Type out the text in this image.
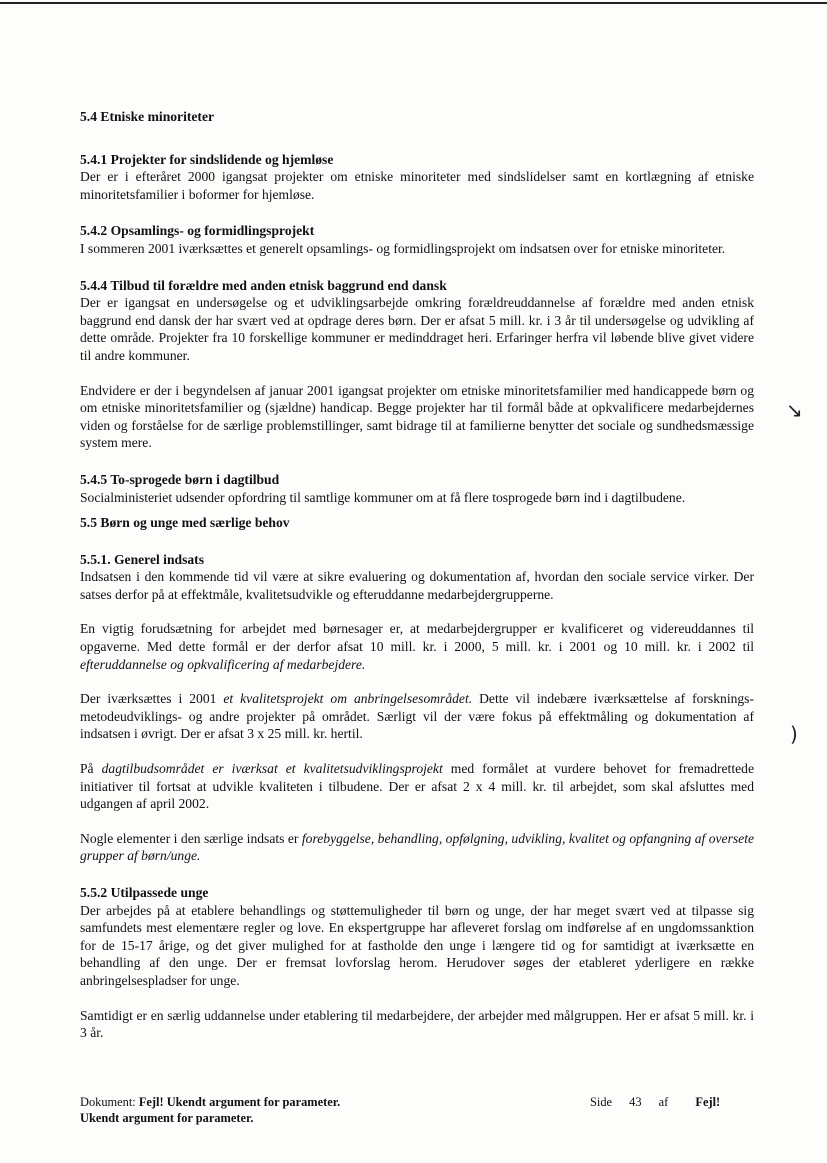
5.4 Etniske minoriteter
5.4.1 Projekter for sindslidende og hjemløse

Der er i efteråret 2000 igangsat projekter om etniske minoriteter med sindslidelser samt en kortlægning af etniske minoritetsfamilier i boformer for hjemløse.

5.4.2 Opsamlings- og formidlingsprojekt

I sommeren 2001 iværksættes et generelt opsamlings- og formidlingsprojekt om indsatsen over for etniske minoriteter.

5.4.4 Tilbud til forældre med anden etnisk baggrund end dansk

Der er igangsat en undersøgelse og et udviklingsarbejde omkring forældreuddannelse af forældre med anden etnisk baggrund end dansk der har svært ved at opdrage deres børn. Der er afsat 5 mill. kr. i 3 år til undersøgelse og udvikling af dette område. Projekter fra 10 forskellige kommuner er medinddraget heri. Erfaringer herfra vil løbende blive givet videre til andre kommuner.

Endvidere er der i begyndelsen af januar 2001 igangsat projekter om etniske minoritetsfamilier med handicappede børn og om etniske minoritetsfamilier og (sjældne) handicap. Begge projekter har til formål både at opkvalificere medarbejdernes viden og forståelse for de særlige problemstillinger, samt bidrage til at familierne benytter det sociale og sundhedsmæssige system mere.

5.4.5 To-sprogede børn i dagtilbud

Socialministeriet udsender opfordring til samtlige kommuner om at få flere tosprogede børn ind i dagtilbudene.

5.5 Børn og unge med særlige behov
5.5.1. Generel indsats

Indsatsen i den kommende tid vil være at sikre evaluering og dokumentation af, hvordan den sociale service virker. Der satses derfor på at effektmåle, kvalitetsudvikle og efteruddanne medarbejdergrupperne.

En vigtig forudsætning for arbejdet med børnesager er, at medarbejdergrupper er kvalificeret og videreuddannes til opgaverne. Med dette formål er der derfor afsat 10 mill. kr. i 2000, 5 mill. kr. i 2001 og 10 mill. kr. i 2002 til efteruddannelse og opkvalificering af medarbejdere.

Der iværksættes i 2001 et kvalitetsprojekt om anbringelsesområdet. Dette vil indebære iværksættelse af forsknings-metodeudviklings- og andre projekter på området. Særligt vil der være fokus på effektmåling og dokumentation af indsatsen i øvrigt. Der er afsat 3 x 25 mill. kr. hertil.

På dagtilbudsområdet er iværksat et kvalitetsudviklingsprojekt med formålet at vurdere behovet for fremadrettede initiativer til fortsat at udvikle kvaliteten i tilbudene. Der er afsat 2 x 4 mill. kr. til arbejdet, som skal afsluttes med udgangen af april 2002.

Nogle elementer i den særlige indsats er forebyggelse, behandling, opfølgning, udvikling, kvalitet og opfangning af oversete grupper af børn/unge.

5.5.2 Utilpassede unge

Der arbejdes på at etablere behandlings og støttemuligheder til børn og unge, der har meget svært ved at tilpasse sig samfundets mest elementære regler og love. En ekspertgruppe har afleveret forslag om indførelse af en ungdomssanktion for de 15-17 årige, og det giver mulighed for at fastholde den unge i længere tid og for samtidigt at iværksætte en behandling af den unge. Der er fremsat lovforslag herom. Herudover søges der etableret yderligere en række anbringelsespladser for unge.

Samtidigt er en særlig uddannelse under etablering til medarbejdere, der arbejder med målgruppen. Her er afsat 5 mill. kr. i 3 år.

↘
)
Dokument: Fejl! Ukendt argument for parameter.
Ukendt argument for parameter.
Side 43 af Fejl!
